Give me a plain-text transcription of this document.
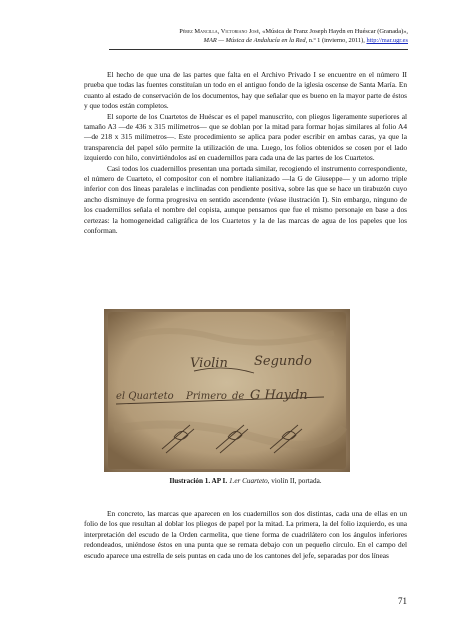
Pérez Mancilla, Victoriano José, «Música de Franz Joseph Haydn en Huéscar (Granada)»,
MAR — Música de Andalucía en la Red, n.º 1 (invierno, 2011), http://mar.ugr.es

El hecho de que una de las partes que falta en el Archivo Privado I se encuentre en el número II prueba que todas las fuentes constituían un todo en el antiguo fondo de la iglesia oscense de Santa María. En cuanto al estado de conservación de los documentos, hay que señalar que es bueno en la mayor parte de éstos y que todos están completos.

El soporte de los Cuartetos de Huéscar es el papel manuscrito, con pliegos ligeramente superiores al tamaño A3 —de 436 x 315 milímetros— que se doblan por la mitad para formar hojas similares al folio A4 —de 218 x 315 milímetros—. Este procedimiento se aplica para poder escribir en ambas caras, ya que la transparencia del papel sólo permite la utilización de una. Luego, los folios obtenidos se cosen por el lado izquierdo con hilo, convirtiéndolos así en cuadernillos para cada una de las partes de los Cuartetos.

Casi todos los cuadernillos presentan una portada similar, recogiendo el instrumento correspondiente, el número de Cuarteto, el compositor con el nombre italianizado —la G de Giuseppe— y un adorno triple inferior con dos líneas paralelas e inclinadas con pendiente positiva, sobre las que se hace un tirabuzón cuyo ancho disminuye de forma progresiva en sentido ascendente (véase ilustración I). Sin embargo, ninguno de los cuadernillos señala el nombre del copista, aunque pensamos que fue el mismo personaje en base a dos certezas: la homogeneidad caligráfica de los Cuartetos y la de las marcas de agua de los papeles que los conforman.

Violin Segundo
el Quarteto Primero de G Haydn
Ilustración 1. AP I. 1.er Cuarteto, violín II, portada.

En concreto, las marcas que aparecen en los cuadernillos son dos distintas, cada una de ellas en un folio de los que resultan al doblar los pliegos de papel por la mitad. La primera, la del folio izquierdo, es una interpretación del escudo de la Orden carmelita, que tiene forma de cuadrilátero con los ángulos inferiores redondeados, uniéndose éstos en una punta que se remata debajo con un pequeño círculo. En el campo del escudo aparece una estrella de seis puntas en cada uno de los cantones del jefe, separadas por dos líneas

71
